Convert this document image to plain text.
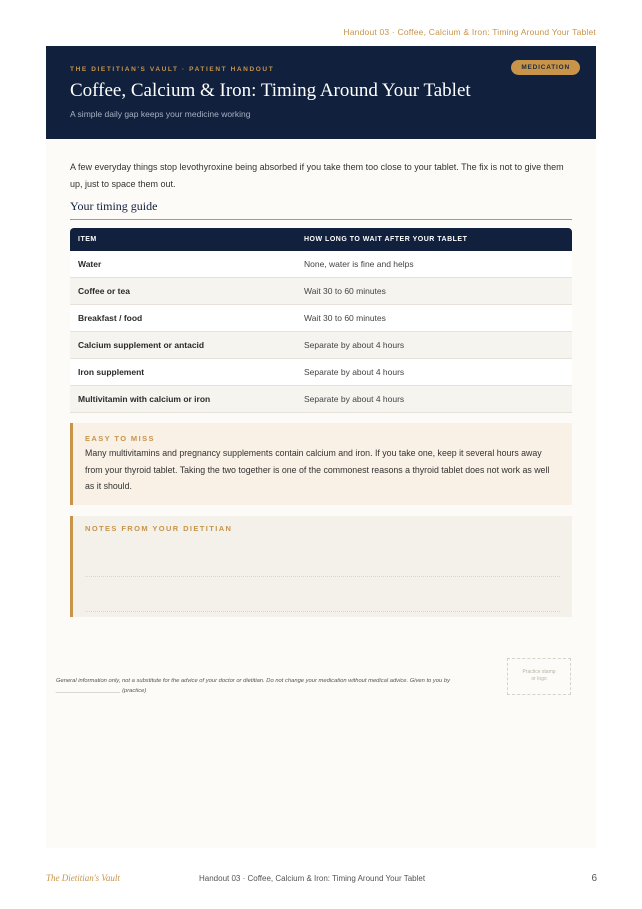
Handout 03 · Coffee, Calcium & Iron: Timing Around Your Tablet
THE DIETITIAN'S VAULT · PATIENT HANDOUT	MEDICATION
Coffee, Calcium & Iron: Timing Around Your Tablet
A simple daily gap keeps your medicine working
A few everyday things stop levothyroxine being absorbed if you take them too close to your tablet. The fix is not to give them up, just to space them out.
Your timing guide
ITEM	HOW LONG TO WAIT AFTER YOUR TABLET
Water	None, water is fine and helps
Coffee or tea	Wait 30 to 60 minutes
Breakfast / food	Wait 30 to 60 minutes
Calcium supplement or antacid	Separate by about 4 hours
Iron supplement	Separate by about 4 hours
Multivitamin with calcium or iron	Separate by about 4 hours
EASY TO MISS
Many multivitamins and pregnancy supplements contain calcium and iron. If you take one, keep it several hours away from your thyroid tablet. Taking the two together is one of the commonest reasons a thyroid tablet does not work as well as it should.
NOTES FROM YOUR DIETITIAN
General information only, not a substitute for the advice of your doctor or dietitian. Do not change your medication without medical advice. Given to you by ____________________ (practice)
Practice stamp or logo
The Dietitian's Vault	Handout 03 · Coffee, Calcium & Iron: Timing Around Your Tablet	6
